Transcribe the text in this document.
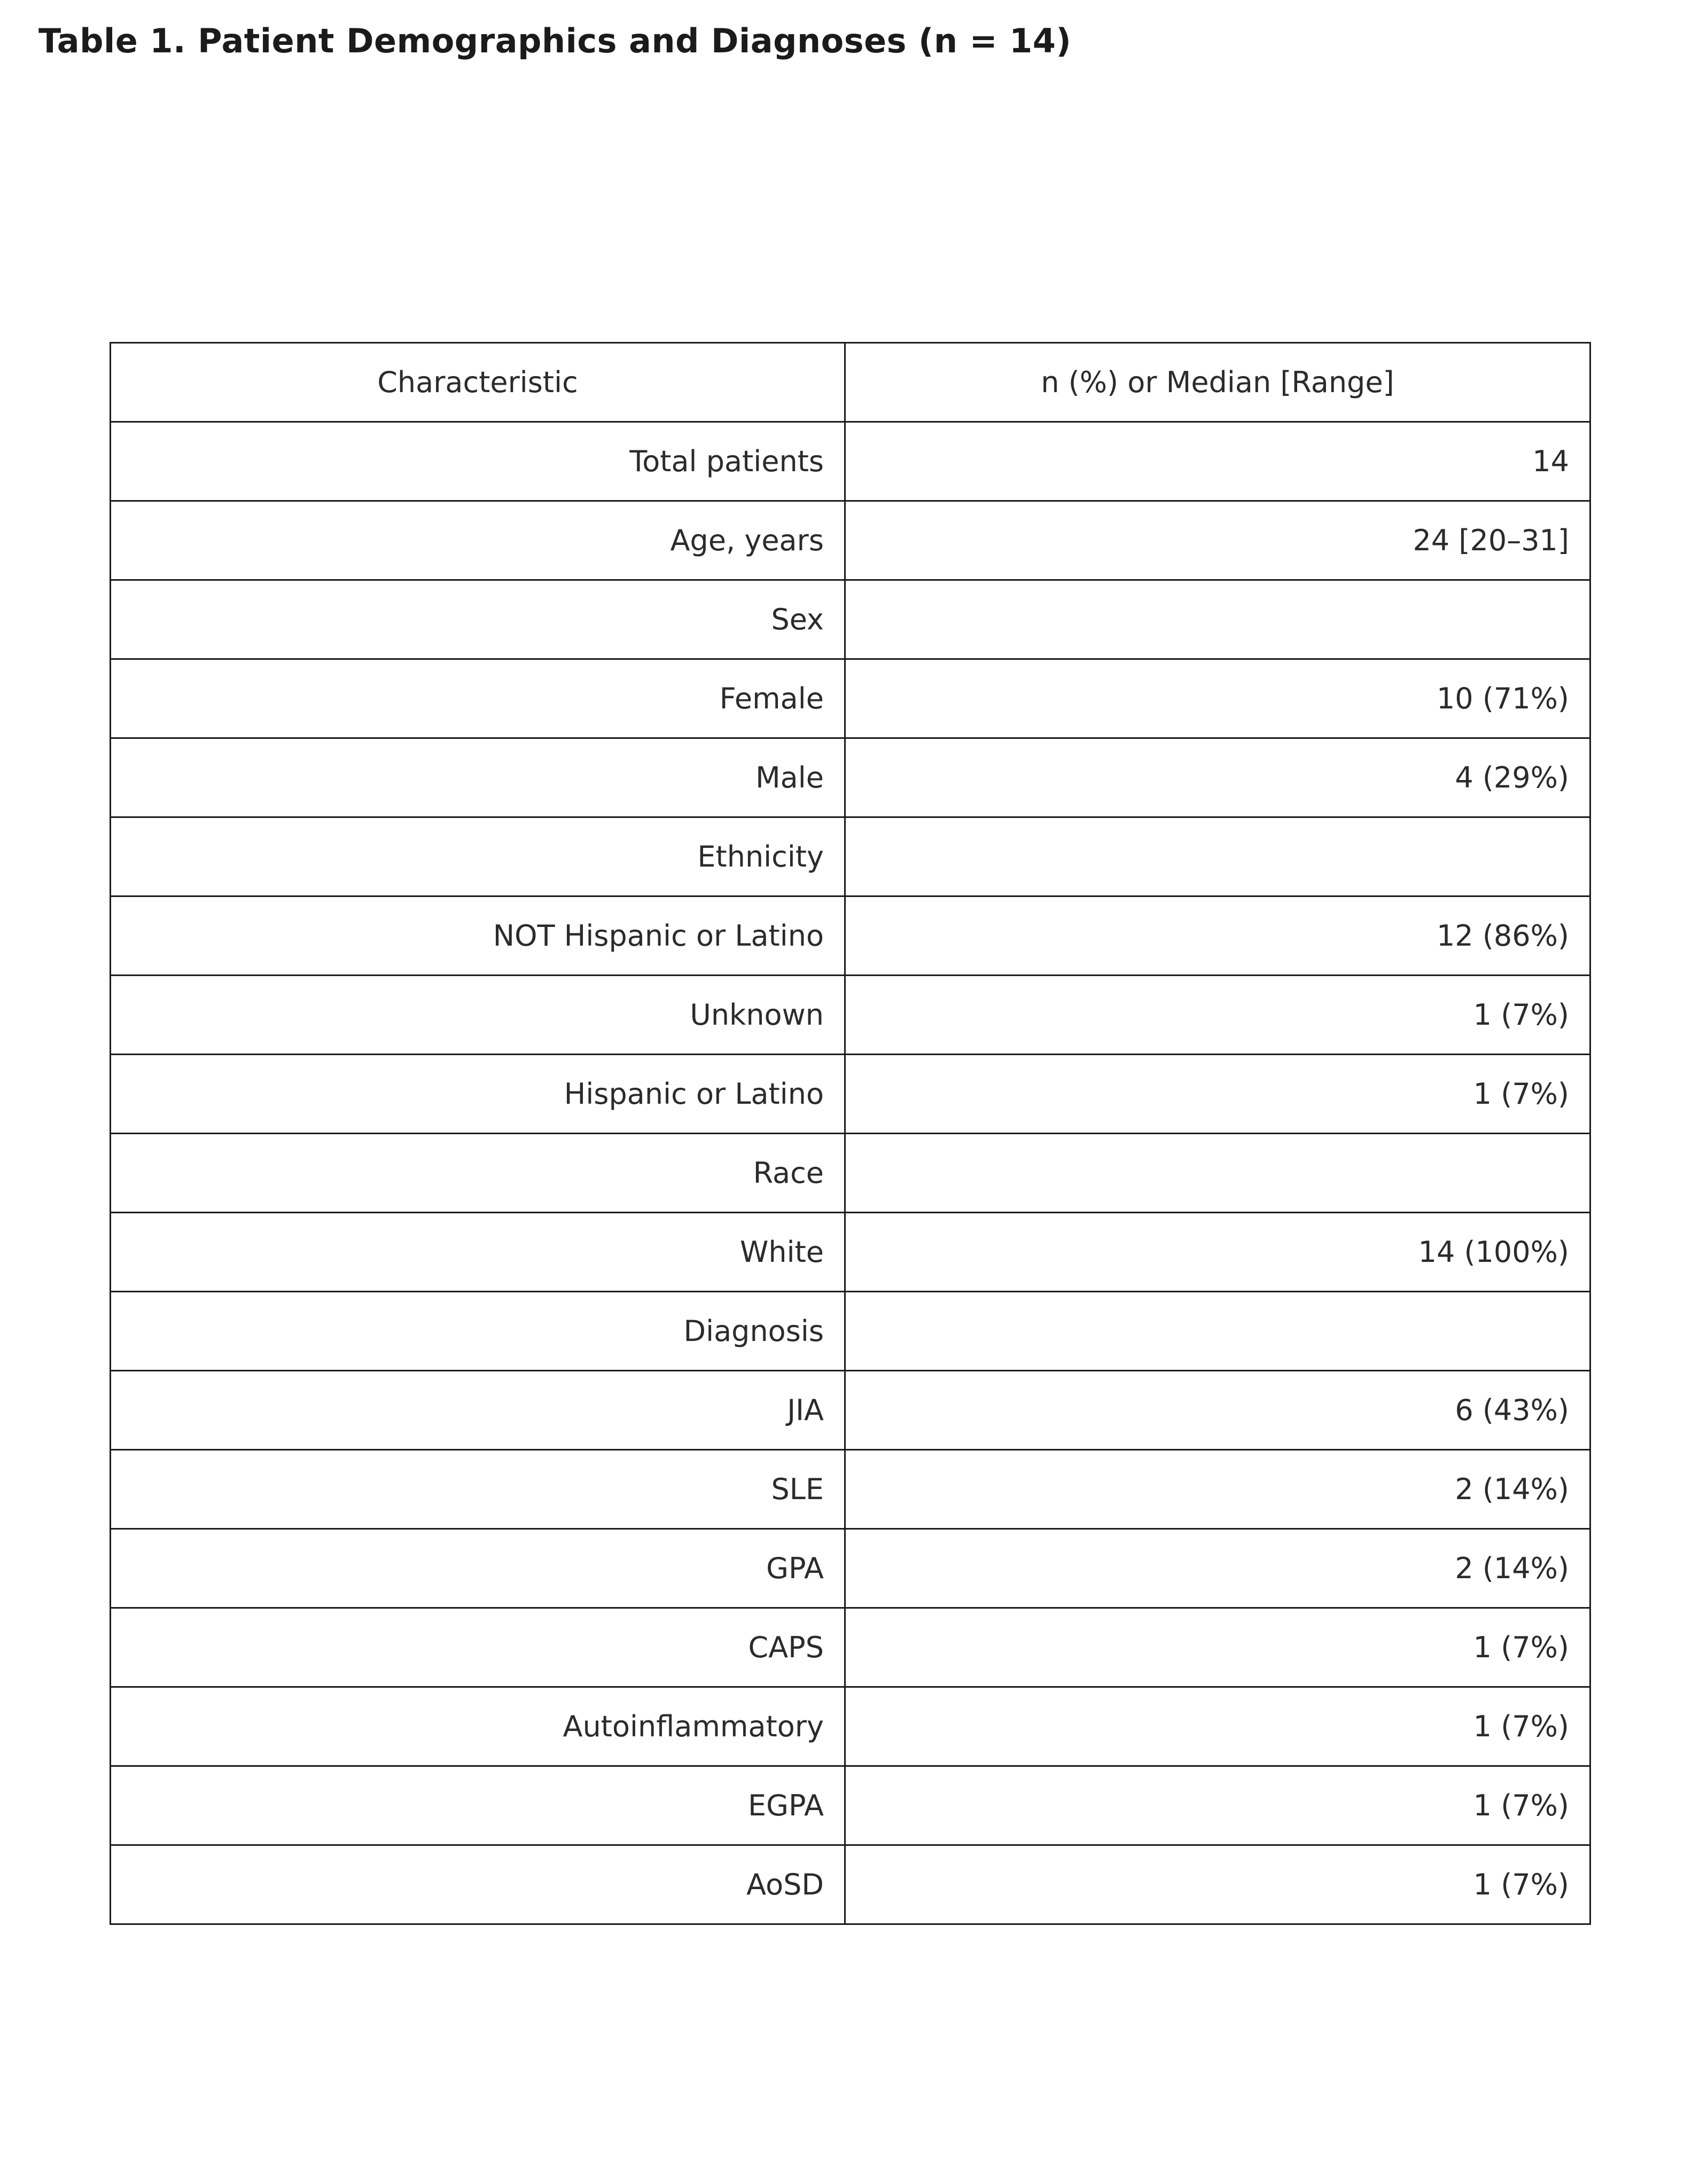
Table 1. Patient Demographics and Diagnoses (n = 14)
Characteristic	n (%) or Median [Range]
Total patients	14
Age, years	24 [20–31]
Sex	
Female	10 (71%)
Male	4 (29%)
Ethnicity	
NOT Hispanic or Latino	12 (86%)
Unknown	1 (7%)
Hispanic or Latino	1 (7%)
Race	
White	14 (100%)
Diagnosis	
JIA	6 (43%)
SLE	2 (14%)
GPA	2 (14%)
CAPS	1 (7%)
Autoinflammatory	1 (7%)
EGPA	1 (7%)
AoSD	1 (7%)
